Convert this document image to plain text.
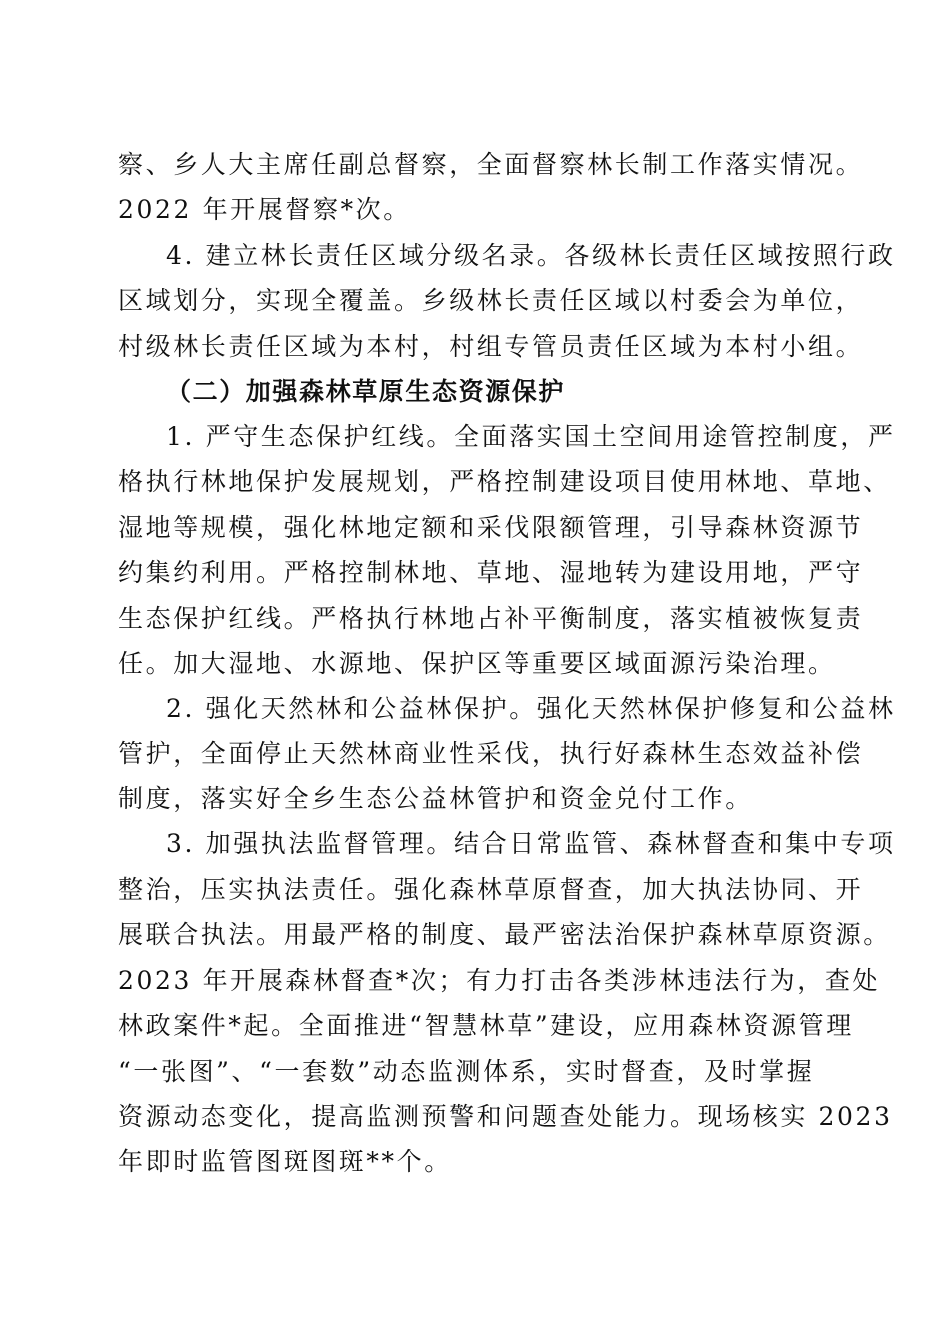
察、乡人大主席任副总督察，全面督察林长制工作落实情况。
2022 年开展督察*次。
4. 建立林长责任区域分级名录。各级林长责任区域按照行政
区域划分，实现全覆盖。乡级林长责任区域以村委会为单位，
村级林长责任区域为本村，村组专管员责任区域为本村小组。
（二）加强森林草原生态资源保护
1. 严守生态保护红线。全面落实国土空间用途管控制度，严
格执行林地保护发展规划，严格控制建设项目使用林地、草地、
湿地等规模，强化林地定额和采伐限额管理，引导森林资源节
约集约利用。严格控制林地、草地、湿地转为建设用地，严守
生态保护红线。严格执行林地占补平衡制度，落实植被恢复责
任。加大湿地、水源地、保护区等重要区域面源污染治理。
2. 强化天然林和公益林保护。强化天然林保护修复和公益林
管护，全面停止天然林商业性采伐，执行好森林生态效益补偿
制度，落实好全乡生态公益林管护和资金兑付工作。
3. 加强执法监督管理。结合日常监管、森林督查和集中专项
整治，压实执法责任。强化森林草原督查，加大执法协同、开
展联合执法。用最严格的制度、最严密法治保护森林草原资源。
2023 年开展森林督查*次；有力打击各类涉林违法行为，查处
林政案件*起。全面推进“智慧林草”建设，应用森林资源管理
“一张图”、“一套数”动态监测体系，实时督查，及时掌握
资源动态变化，提高监测预警和问题查处能力。现场核实 2023
年即时监管图斑图斑**个。
